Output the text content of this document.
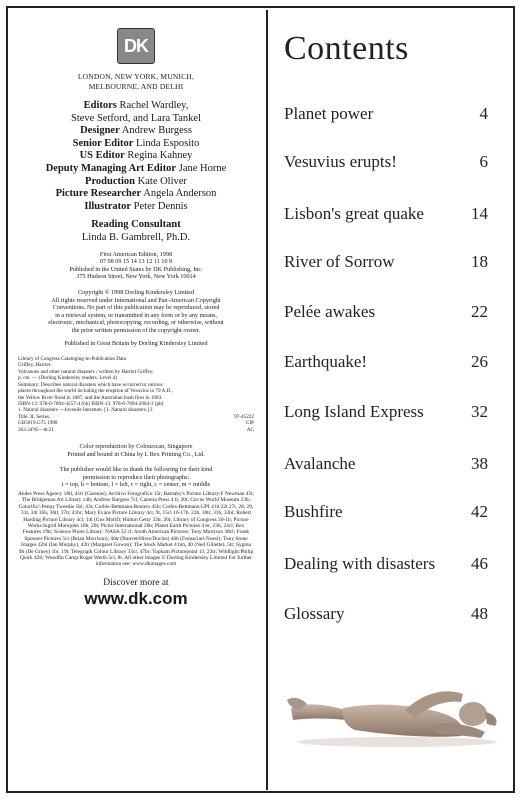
DK
LONDON, NEW YORK, MUNICH,
MELBOURNE, AND DELHI
Editors Rachel Wardley,
Steve Setford, and Lara Tankel
Designer Andrew Burgess
Senior Editor Linda Esposito
US Editor Regina Kahney
Deputy Managing Art Editor Jane Horne
Production Kate Oliver
Picture Researcher Angela Anderson
Illustrator Peter Dennis
Reading Consultant
Linda B. Gambrell, Ph.D.
First American Edition, 1998
07 08 09 15 14 13 12 11 10 9
Published in the United States by DK Publishing, Inc.
375 Hudson Street, New York, New York 10014
Copyright © 1998 Dorling Kindersley Limited
All rights reserved under International and Pan-American Copyright
Conventions. No part of this publication may be reproduced, stored
in a retrieval system, or transmitted in any form or by any means,
electronic, mechanical, photocopying, recording, or otherwise, without
the prior written permission of the copyright owner.
Published in Great Britain by Dorling Kindersley Limited
Library of Congress Cataloging-in-Publication Data
Griffey, Harriet.
Volcanoes and other natural disasters / written by Harriet Griffey.
p. cm. — (Dorling Kindersley readers. Level 4)
Summary: Describes natural disasters which have occurred in various
places throughout the world including the eruption of Vesuvius in 79 A.D.,
the Yellow River flood in 1887, and the Australian bush fires in 1983.
ISBN-13: 978-0-7894-4257-4 (hb) ISBN-13: 978-0-7894-2964-3 (pb)
1. Natural disasters —Juvenile literature. [1. Natural disasters.] I.
Title. II. Series.
GB5019.G75 1998
363.34'95—dc21
97-45222
CIP
AC
Color reproduction by Colourscan, Singapore
Printed and bound in China by L Rex Printing Co., Ltd.
The publisher would like to thank the following for their kind
permission to reproduce their photographs:
t = top, b = bottom, l = left, r = right, c = center, m = middle
Andes Press Agency 18tl, 41tr (Carenas); Archivo Fotografico 15t; Barnaby's Picture Library:F Newman 45t; The Bridgeman Art Library 14b; Andrew Burgess 7cl; Camera Press 4 tl, 20t; Circus World Museum 23b; Colorific!:Penny Tweedie 5bl, 43t; Corbis-Bettmann:Reuters 45b; Corbis-Bettmann:UPI 4 bl 22t 27t, 28, 29, 31t, 34t 35b, 36tl, 37tr, 41br; Mary Evans Picture Library 4cr, 9t, 15cl 16-17b, 22b, 30tr, 31b, 33bl; Robert Harding Picture Library 4cl, 14t (Gus Motif); Hulton Getty 33tr, 26t; Library of Congress 30-1b; Picture Works:Ingrid Morejohn 18b, 20t; Pictor International 26b; Planet Earth Pictures 4 br, 23tl, 24cl; Rex Features 19tr; Science Photo Library: NASA 32 cl; South American Pictures: Tony Morrison 38cl; Frank Spooner Pictures 5cr (Brian Morrison), 46tr (Bouvet/Hires/Duclos) 46b (Fornaciari-Noesi); Tony Stone Images 42bl (Ian Murphy), 42tr (Margaret Gowan); The Stock Market 4 bm, 40 (Ned Gillette), 5tr; Sygma 9b (De Gruey) 1br, 19t; Telegraph Colour Library 33cr, 47br; Topham Picturepoint 13, 23tr; Wildlight:Philip Quirk 42tl; Woodfin Camp:Roger Werth 5cl, 8r. All other images © Dorling Kindersley Limited For further information see: www.dkimages.com
Discover more at
www.dk.com
Contents
Planet power	4
Vesuvius erupts!	6
Lisbon's great quake	14
River of Sorrow	18
Pelée awakes	22
Earthquake!	26
Long Island Express	32
Avalanche	38
Bushfire	42
Dealing with disasters 46
Glossary	48
